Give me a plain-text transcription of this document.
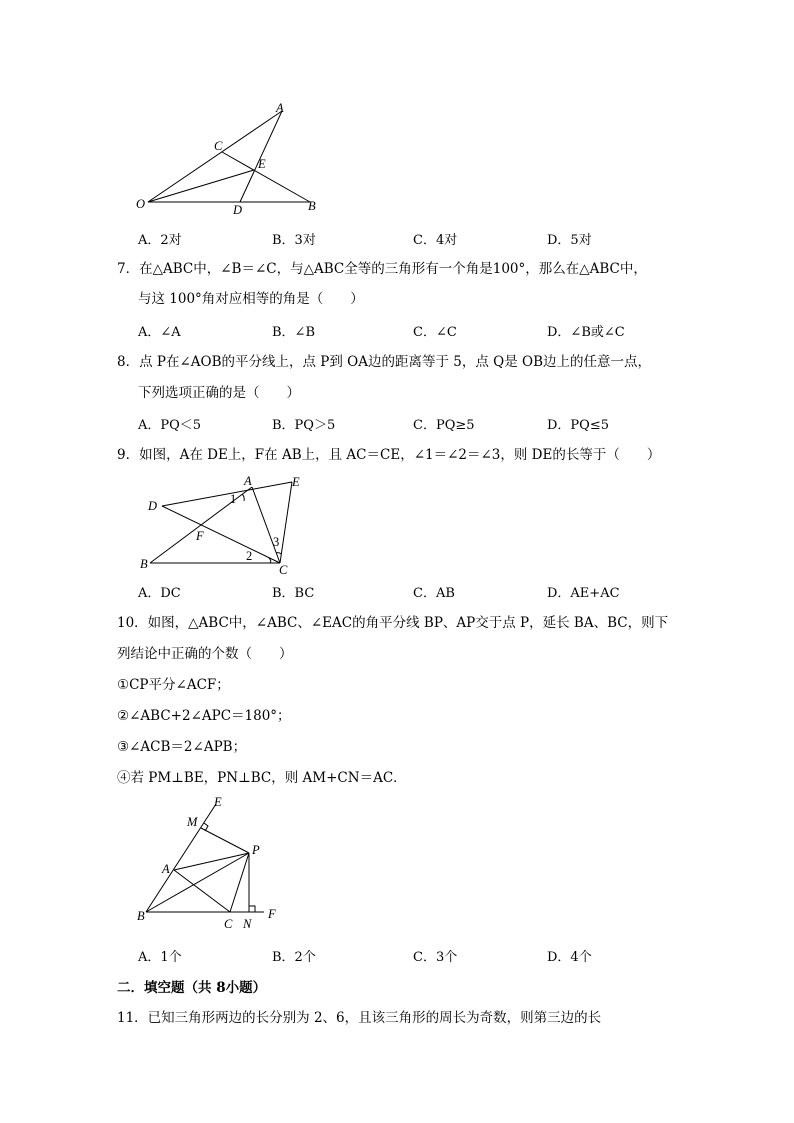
A
C
E
O	D	B
A．2对	B．3对	C．4对	D．5对
7．在△ABC中，∠B＝∠C，与△ABC全等的三角形有一个角是100°，那么在△ABC中，
与这 100°角对应相等的角是（　　）
A．∠A	B．∠B	C．∠C	D．∠B或∠C
8．点 P在∠AOB的平分线上，点 P到 OA边的距离等于 5，点 Q是 OB边上的任意一点，
下列选项正确的是（　　）
A．PQ＜5	B．PQ＞5	C．PQ≥5	D．PQ≤5
9．如图，A在 DE上，F在 AB上，且 AC＝CE，∠1＝∠2＝∠3，则 DE的长等于（　　）
D
A	E
F
B	C
1
2
3
A．DC	B．BC	C．AB	D．AE+AC
10．如图，△ABC中，∠ABC、∠EAC的角平分线 BP、AP交于点 P，延长 BA、BC，则下
列结论中正确的个数（　　）
①CP平分∠ACF；
②∠ABC+2∠APC＝180°；
③∠ACB＝2∠APB；
④若 PM⊥BE，PN⊥BC，则 AM+CN＝AC．
E
M
P
A
B
C N
F
A．1个	B．2个	C．3个	D．4个
二．填空题（共 8小题）
11．已知三角形两边的长分别为 2、6，且该三角形的周长为奇数，则第三边的长
